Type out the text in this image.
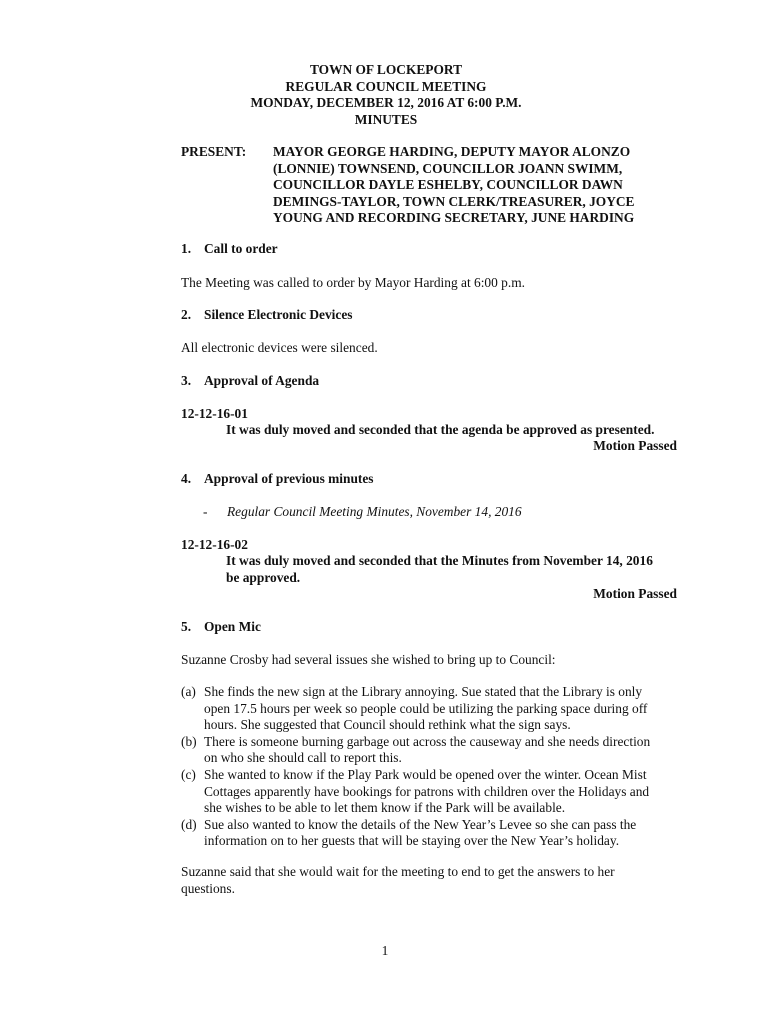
TOWN OF LOCKEPORT
REGULAR COUNCIL MEETING
MONDAY, DECEMBER 12, 2016 AT 6:00 P.M.
MINUTES
PRESENT: MAYOR GEORGE HARDING, DEPUTY MAYOR ALONZO
(LONNIE) TOWNSEND, COUNCILLOR JOANN SWIMM,
COUNCILLOR DAYLE ESHELBY, COUNCILLOR DAWN
DEMINGS-TAYLOR, TOWN CLERK/TREASURER, JOYCE
YOUNG AND RECORDING SECRETARY, JUNE HARDING
1. Call to order
The Meeting was called to order by Mayor Harding at 6:00 p.m.
2. Silence Electronic Devices
All electronic devices were silenced.
3. Approval of Agenda
12-12-16-01
It was duly moved and seconded that the agenda be approved as presented.
Motion Passed
4. Approval of previous minutes
- Regular Council Meeting Minutes, November 14, 2016
12-12-16-02
It was duly moved and seconded that the Minutes from November 14, 2016
be approved.
Motion Passed
5. Open Mic
Suzanne Crosby had several issues she wished to bring up to Council:
(a) She finds the new sign at the Library annoying. Sue stated that the Library is only
open 17.5 hours per week so people could be utilizing the parking space during off
hours. She suggested that Council should rethink what the sign says.
(b) There is someone burning garbage out across the causeway and she needs direction
on who she should call to report this.
(c) She wanted to know if the Play Park would be opened over the winter. Ocean Mist
Cottages apparently have bookings for patrons with children over the Holidays and
she wishes to be able to let them know if the Park will be available.
(d) Sue also wanted to know the details of the New Year’s Levee so she can pass the
information on to her guests that will be staying over the New Year’s holiday.
Suzanne said that she would wait for the meeting to end to get the answers to her
questions.
1
